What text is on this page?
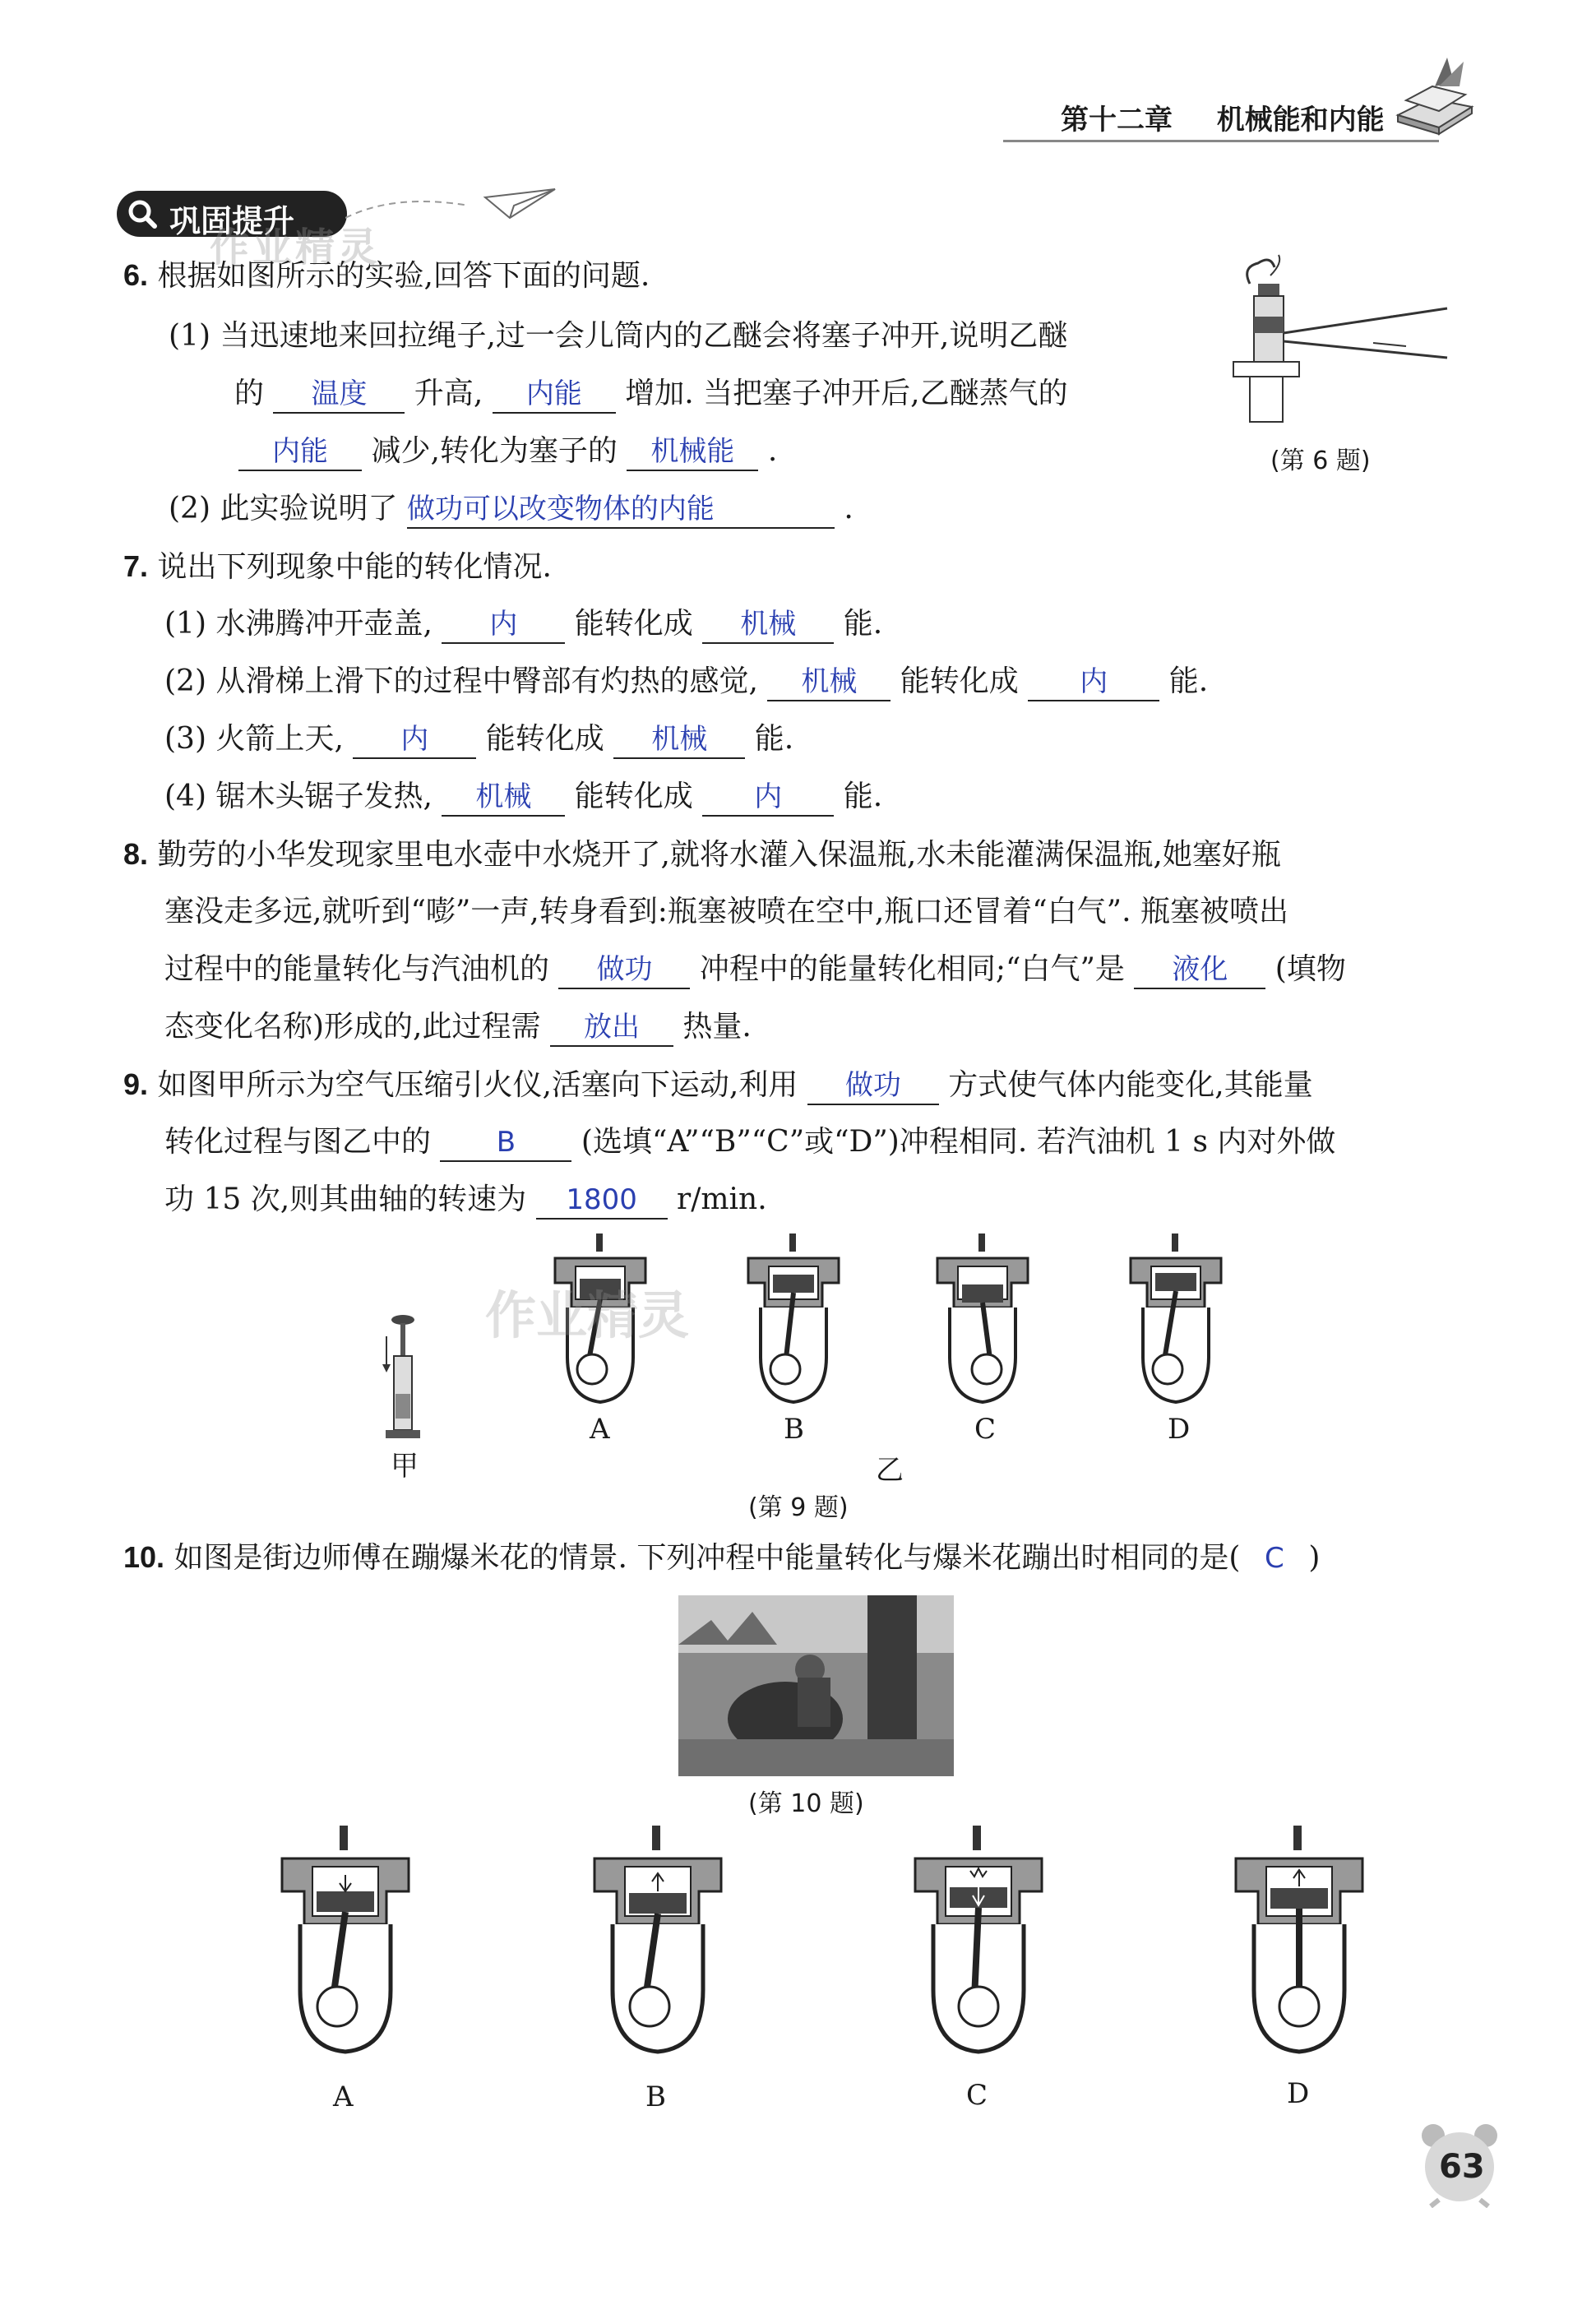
第十二章 机械能和内能
巩固提升
作业精灵
6. 根据如图所示的实验,回答下面的问题.
(1) 当迅速地来回拉绳子,过一会儿筒内的乙醚会将塞子冲开,说明乙醚
的 温度 升高, 内能 增加. 当把塞子冲开后,乙醚蒸气的
内能 减少,转化为塞子的 机械能 .
(2) 此实验说明了 做功可以改变物体的内能	.
(第 6 题)
7. 说出下列现象中能的转化情况.
(1) 水沸腾冲开壶盖, 内 能转化成 机械 能.
(2) 从滑梯上滑下的过程中臀部有灼热的感觉, 机械 能转化成 内 能.
(3) 火箭上天, 内 能转化成 机械 能.
(4) 锯木头锯子发热, 机械 能转化成 内 能.
8. 勤劳的小华发现家里电水壶中水烧开了,就将水灌入保温瓶,水未能灌满保温瓶,她塞好瓶
塞没走多远,就听到“嘭”一声,转身看到:瓶塞被喷在空中,瓶口还冒着“白气”. 瓶塞被喷出
过程中的能量转化与汽油机的 做功 冲程中的能量转化相同;“白气”是 液化 (填物
态变化名称)形成的,此过程需 放出 热量.
9. 如图甲所示为空气压缩引火仪,活塞向下运动,利用 做功 方式使气体内能变化,其能量
转化过程与图乙中的 B (选填“A”“B”“C”或“D”)冲程相同. 若汽油机 1 s 内对外做
功 15 次,则其曲轴的转速为 1800 r/min.
甲
A	B	C	D
乙
作业精灵
(第 9 题)
10. 如图是街边师傅在蹦爆米花的情景. 下列冲程中能量转化与爆米花蹦出时相同的是( C )
(第 10 题)
A	B	C	D
63
